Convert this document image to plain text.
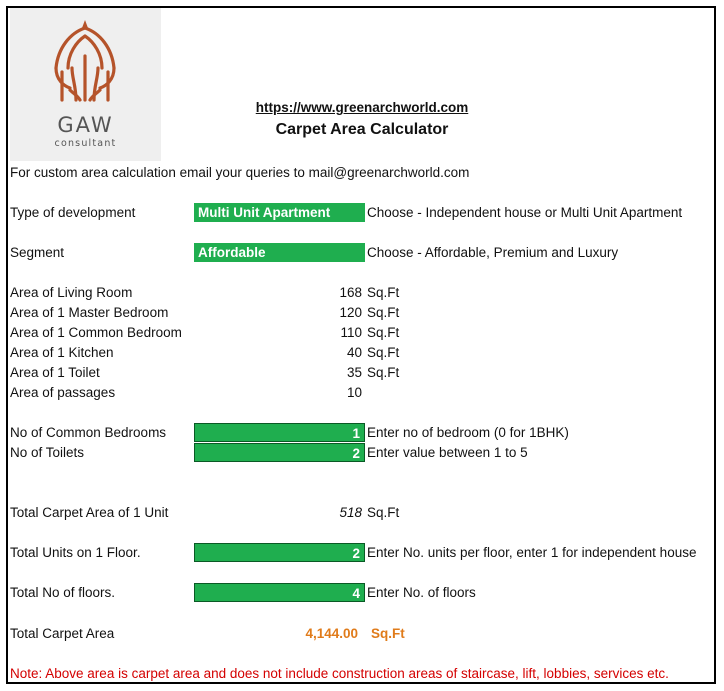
GAW
consultant
https://www.greenarchworld.com
Carpet Area Calculator
For custom area calculation email your queries to mail@greenarchworld.com
Type of development	Multi Unit Apartment	Choose - Independent house or Multi Unit Apartment
Segment	Affordable	Choose - Affordable, Premium and Luxury
Area of Living Room	168 Sq.Ft
Area of 1 Master Bedroom	120 Sq.Ft
Area of 1 Common Bedroom	110 Sq.Ft
Area of 1 Kitchen	40 Sq.Ft
Area of 1 Toilet	35 Sq.Ft
Area of passages	10
No of Common Bedrooms	1 Enter no of bedroom (0 for 1BHK)
No of Toilets	2 Enter value between 1 to 5
Total Carpet Area of 1 Unit	518 Sq.Ft
Total Units on 1 Floor.	2 Enter No. units per floor, enter 1 for independent house
Total No of floors.	4 Enter No. of floors
Total Carpet Area	4,144.00 Sq.Ft
Note: Above area is carpet area and does not include construction areas of staircase, lift, lobbies, services etc.
